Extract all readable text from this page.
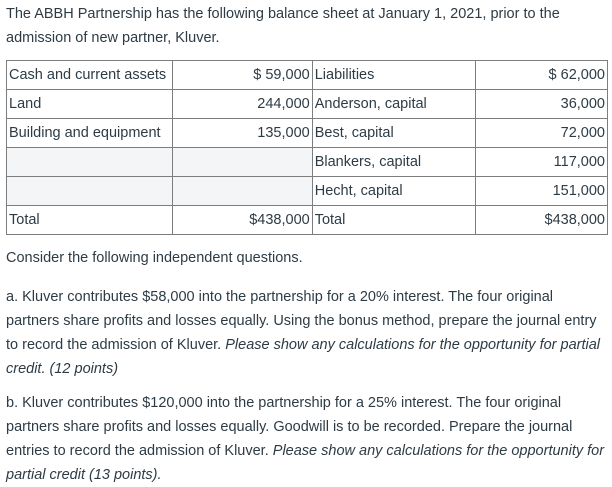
The ABBH Partnership has the following balance sheet at January 1, 2021, prior to the admission of new partner, Kluver.

Cash and current assets	$ 59,000	Liabilities	$ 62,000
Land	244,000	Anderson, capital	36,000
Building and equipment	135,000	Best, capital	72,000
		Blankers, capital	117,000
		Hecht, capital	151,000
Total	$438,000	Total	$438,000

Consider the following independent questions.

a. Kluver contributes $58,000 into the partnership for a 20% interest. The four original partners share profits and losses equally. Using the bonus method, prepare the journal entry to record the admission of Kluver. Please show any calculations for the opportunity for partial credit. (12 points)

b. Kluver contributes $120,000 into the partnership for a 25% interest. The four original partners share profits and losses equally. Goodwill is to be recorded. Prepare the journal entries to record the admission of Kluver. Please show any calculations for the opportunity for partial credit (13 points).
